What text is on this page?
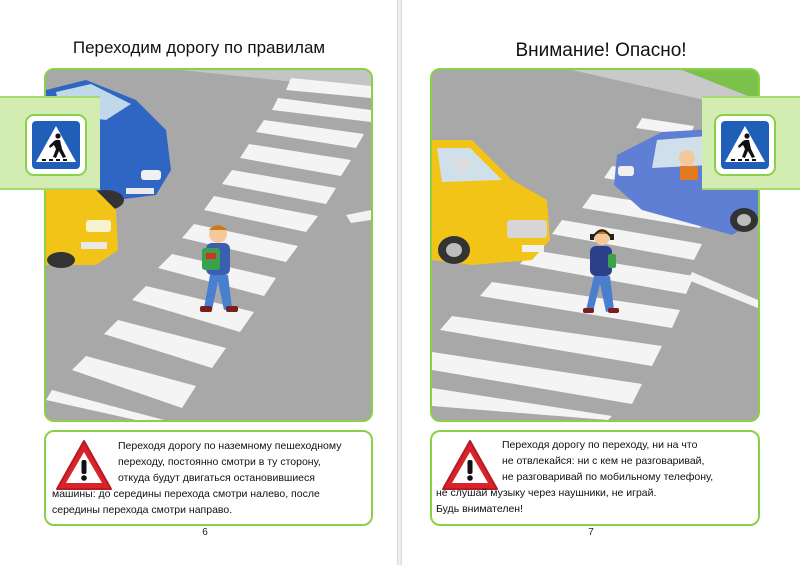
Переходим дорогу по правилам

Переходя дорогу по наземному пешеходному

переходу, постоянно смотри в ту сторону,

откуда будут двигаться остановившиеся

машины: до середины перехода смотри налево, после

середины перехода смотри направо.

6
Внимание! Опасно!

Переходя дорогу по переходу, ни на что

не отвлекайся: ни с кем не разговаривай,

не разговаривай по мобильному телефону,

не слушай музыку через наушники, не играй.

Будь внимателен!

7
